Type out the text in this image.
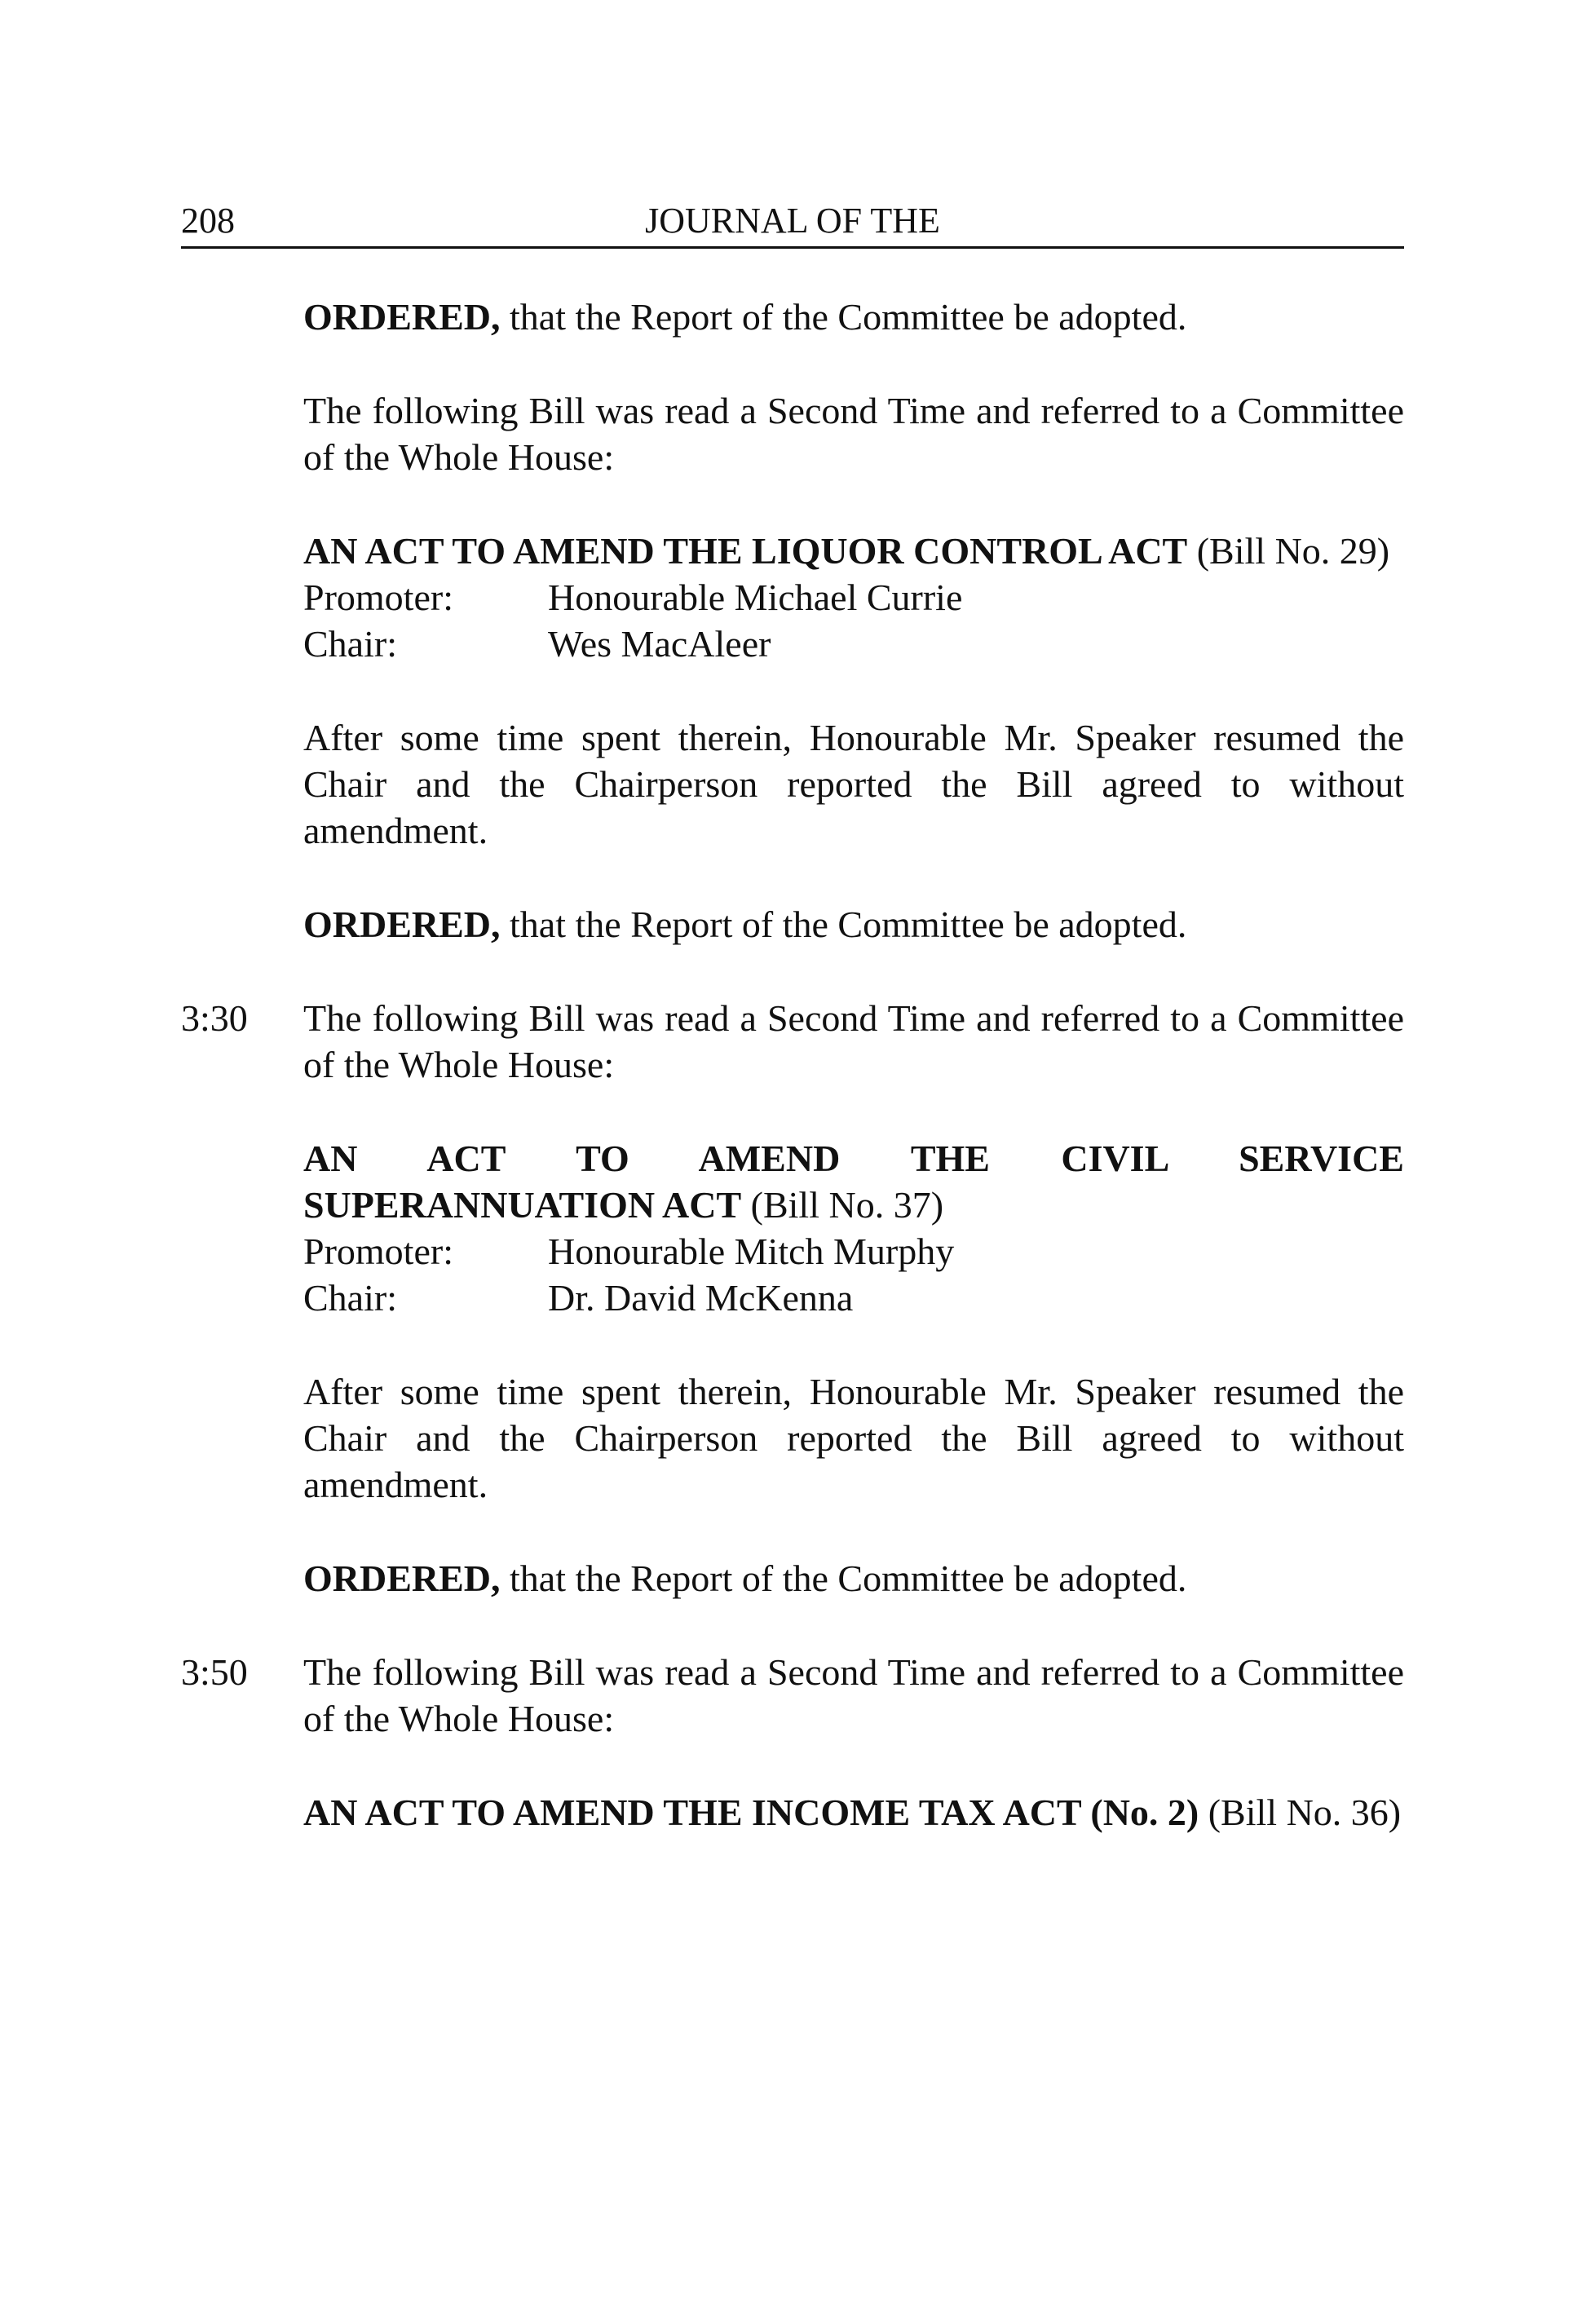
208	JOURNAL OF THE

ORDERED, that the Report of the Committee be adopted.

The following Bill was read a Second Time and referred to a Committee of the Whole House:

AN ACT TO AMEND THE LIQUOR CONTROL ACT (Bill No. 29)

Promoter:	Honourable Michael Currie
Chair:	Wes MacAleer

After some time spent therein, Honourable Mr. Speaker resumed the Chair and the Chairperson reported the Bill agreed to without amendment.

ORDERED, that the Report of the Committee be adopted.

3:30 The following Bill was read a Second Time and referred to a Committee of the Whole House:

AN ACT TO AMEND THE CIVIL SERVICE
SUPERANNUATION ACT (Bill No. 37)
Promoter:	Honourable Mitch Murphy
Chair:	Dr. David McKenna

After some time spent therein, Honourable Mr. Speaker resumed the Chair and the Chairperson reported the Bill agreed to without amendment.

ORDERED, that the Report of the Committee be adopted.

3:50 The following Bill was read a Second Time and referred to a Committee of the Whole House:

AN ACT TO AMEND THE INCOME TAX ACT (No. 2) (Bill No. 36)
